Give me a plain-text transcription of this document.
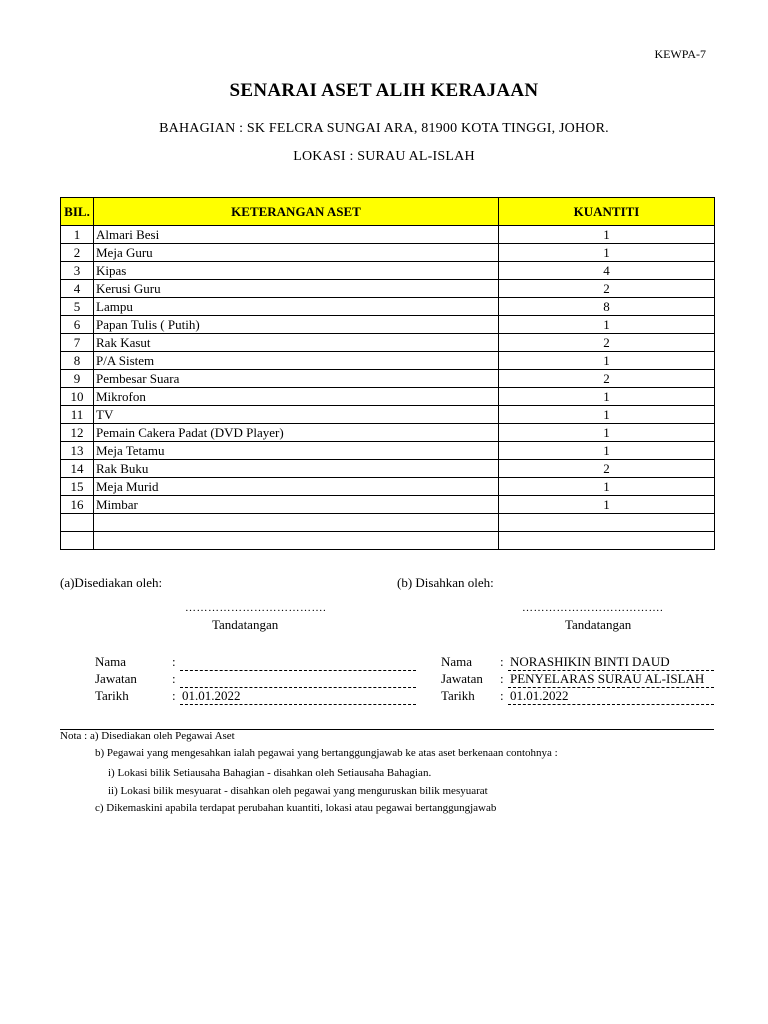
KEWPA-7
SENARAI ASET ALIH KERAJAAN
BAHAGIAN : SK FELCRA SUNGAI ARA, 81900 KOTA TINGGI, JOHOR.
LOKASI : SURAU AL-ISLAH
BIL.	KETERANGAN ASET	KUANTITI
1	Almari Besi	1
2	Meja Guru	1
3	Kipas	4
4	Kerusi Guru	2
5	Lampu	8
6	Papan Tulis ( Putih)	1
7	Rak Kasut	2
8	P/A Sistem	1
9	Pembesar Suara	2
10	Mikrofon	1
11	TV	1
12	Pemain Cakera Padat (DVD Player)	1
13	Meja Tetamu	1
14	Rak Buku	2
15	Meja Murid	1
16	Mimbar	1

(a)Disediakan oleh:	(b) Disahkan oleh:
……………………………….	……………………………….
Tandatangan	Tandatangan
Nama	:
Jawatan	:
Tarikh	: 01.01.2022
Nama : NORASHIKIN BINTI DAUD
Jawatan : PENYELARAS SURAU AL-ISLAH
Tarikh : 01.01.2022
Nota : a) Disediakan oleh Pegawai Aset
b) Pegawai yang mengesahkan ialah pegawai yang bertanggungjawab ke atas aset berkenaan contohnya :
i) Lokasi bilik Setiausaha Bahagian - disahkan oleh Setiausaha Bahagian.
ii) Lokasi bilik mesyuarat - disahkan oleh pegawai yang menguruskan bilik mesyuarat
c) Dikemaskini apabila terdapat perubahan kuantiti, lokasi atau pegawai bertanggungjawab
